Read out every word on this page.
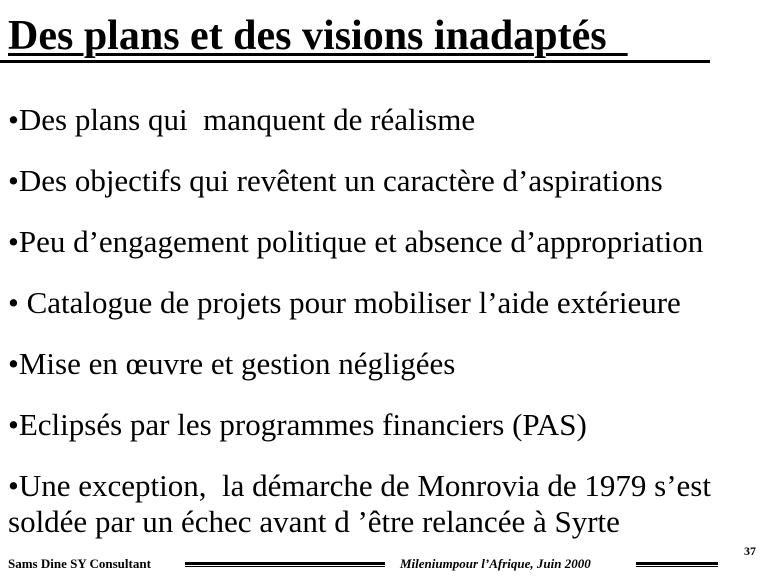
Des plans et des visions inadaptés
•Des plans qui  manquent de réalisme
•Des objectifs qui revêtent un caractère d’aspirations
•Peu d’engagement politique et absence d’appropriation
• Catalogue de projets pour mobiliser l’aide extérieure
•Mise en œuvre et gestion négligées
•Eclipsés par les programmes financiers (PAS)
•Une exception,  la démarche de Monrovia de 1979 s’est
soldée par un échec avant d ’être relancée à Syrte
37
Sams Dine SY Consultant	Mileniumpour l’Afrique, Juin 2000
